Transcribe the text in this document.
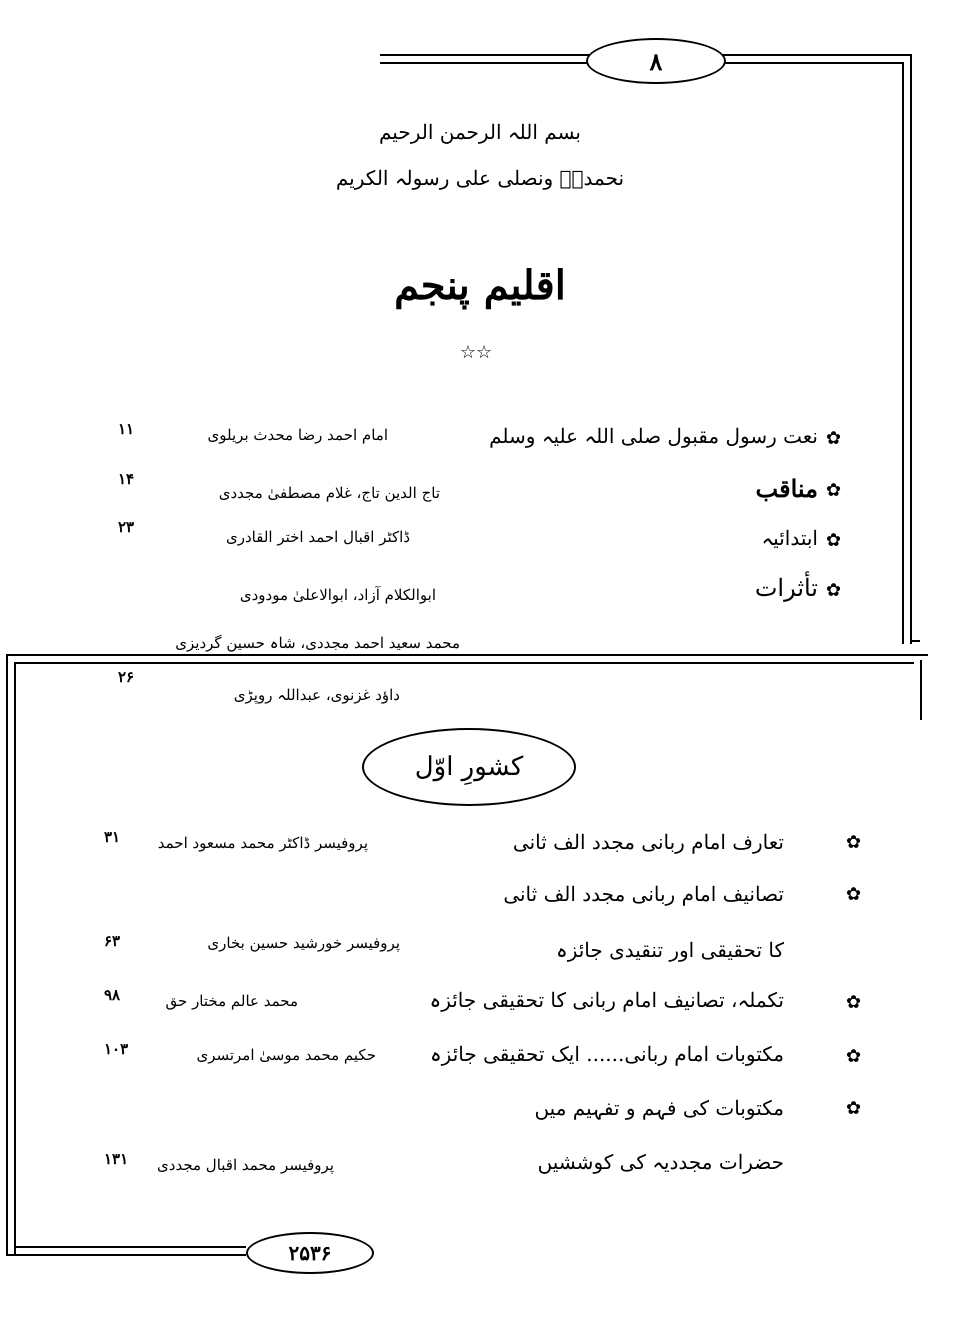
۸
بسم اللہ الرحمن الرحیم
نحمدہٗ ونصلی علی رسولہ الکریم
اقلیم پنجم
☆☆
✿
نعت رسول مقبول صلی اللہ علیہ وسلم
امام احمد رضا محدث بریلوی
۱۱
✿
مناقب
تاج الدین تاج، غلام مصطفیٰ مجددی
۱۴
✿
ابتدائیہ
ڈاکٹر اقبال احمد اختر القادری
۲۳
✿
تأثرات
ابوالکلام آزاد، ابوالاعلیٰ مودودی
محمد سعید احمد مجددی، شاہ حسین گردیزی
داؤد غزنوی، عبداللہ روپڑی
۲۶
کشورِ اوّل
✿
تعارف امام ربانی مجدد الف ثانی
پروفیسر ڈاکٹر محمد مسعود احمد
۳۱
✿
تصانیف امام ربانی مجدد الف ثانی
کا تحقیقی اور تنقیدی جائزہ
پروفیسر خورشید حسین بخاری
۶۳
✿
تکملہ، تصانیف امام ربانی کا تحقیقی جائزہ
محمد عالم مختار حق
۹۸
✿
مکتوبات امام ربانی...... ایک تحقیقی جائزہ
حکیم محمد موسیٰ امرتسری
۱۰۳
✿
مکتوبات کی فہم و تفہیم میں
حضرات مجددیہ کی کوششیں
پروفیسر محمد اقبال مجددی
۱۳۱
۲۵۳۶
